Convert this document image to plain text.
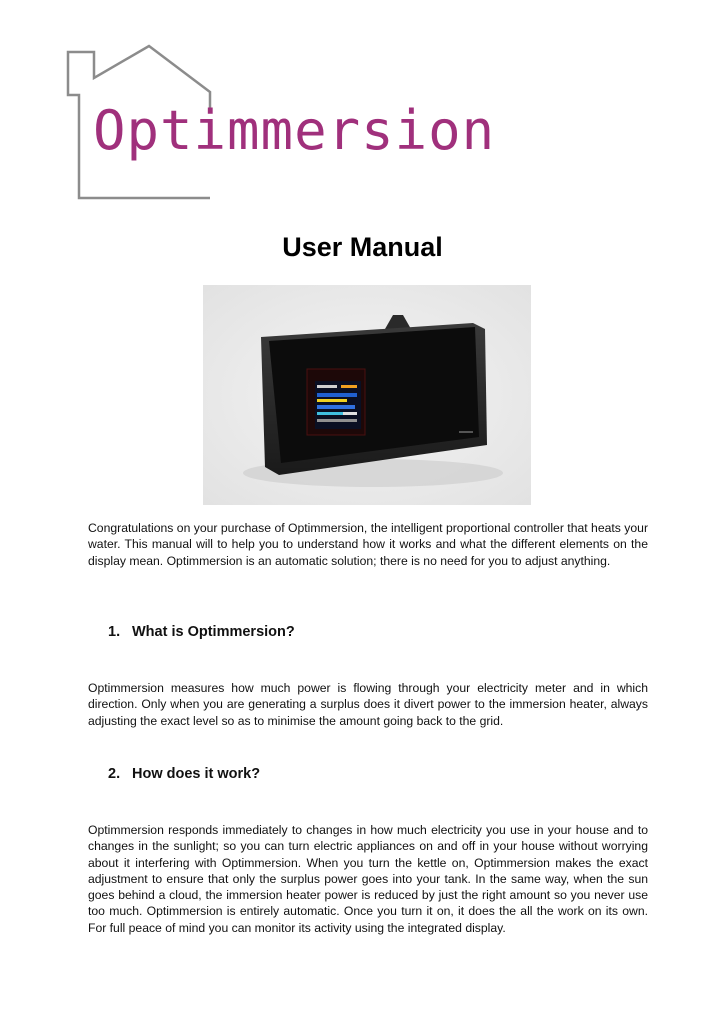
Optimmersion
User Manual

Congratulations on your purchase of Optimmersion, the intelligent proportional controller that heats your water. This manual will to help you to understand how it works and what the different elements on the display mean. Optimmersion is an automatic solution; there is no need for you to adjust anything.

1. What is Optimmersion?

Optimmersion measures how much power is flowing through your electricity meter and in which direction. Only when you are generating a surplus does it divert power to the immersion heater, always adjusting the exact level so as to minimise the amount going back to the grid.

2. How does it work?

Optimmersion responds immediately to changes in how much electricity you use in your house and to changes in the sunlight; so you can turn electric appliances on and off in your house without worrying about it interfering with Optimmersion. When you turn the kettle on, Optimmersion makes the exact adjustment to ensure that only the surplus power goes into your tank. In the same way, when the sun goes behind a cloud, the immersion heater power is reduced by just the right amount so you never use too much. Optimmersion is entirely automatic. Once you turn it on, it does the all the work on its own. For full peace of mind you can monitor its activity using the integrated display.
